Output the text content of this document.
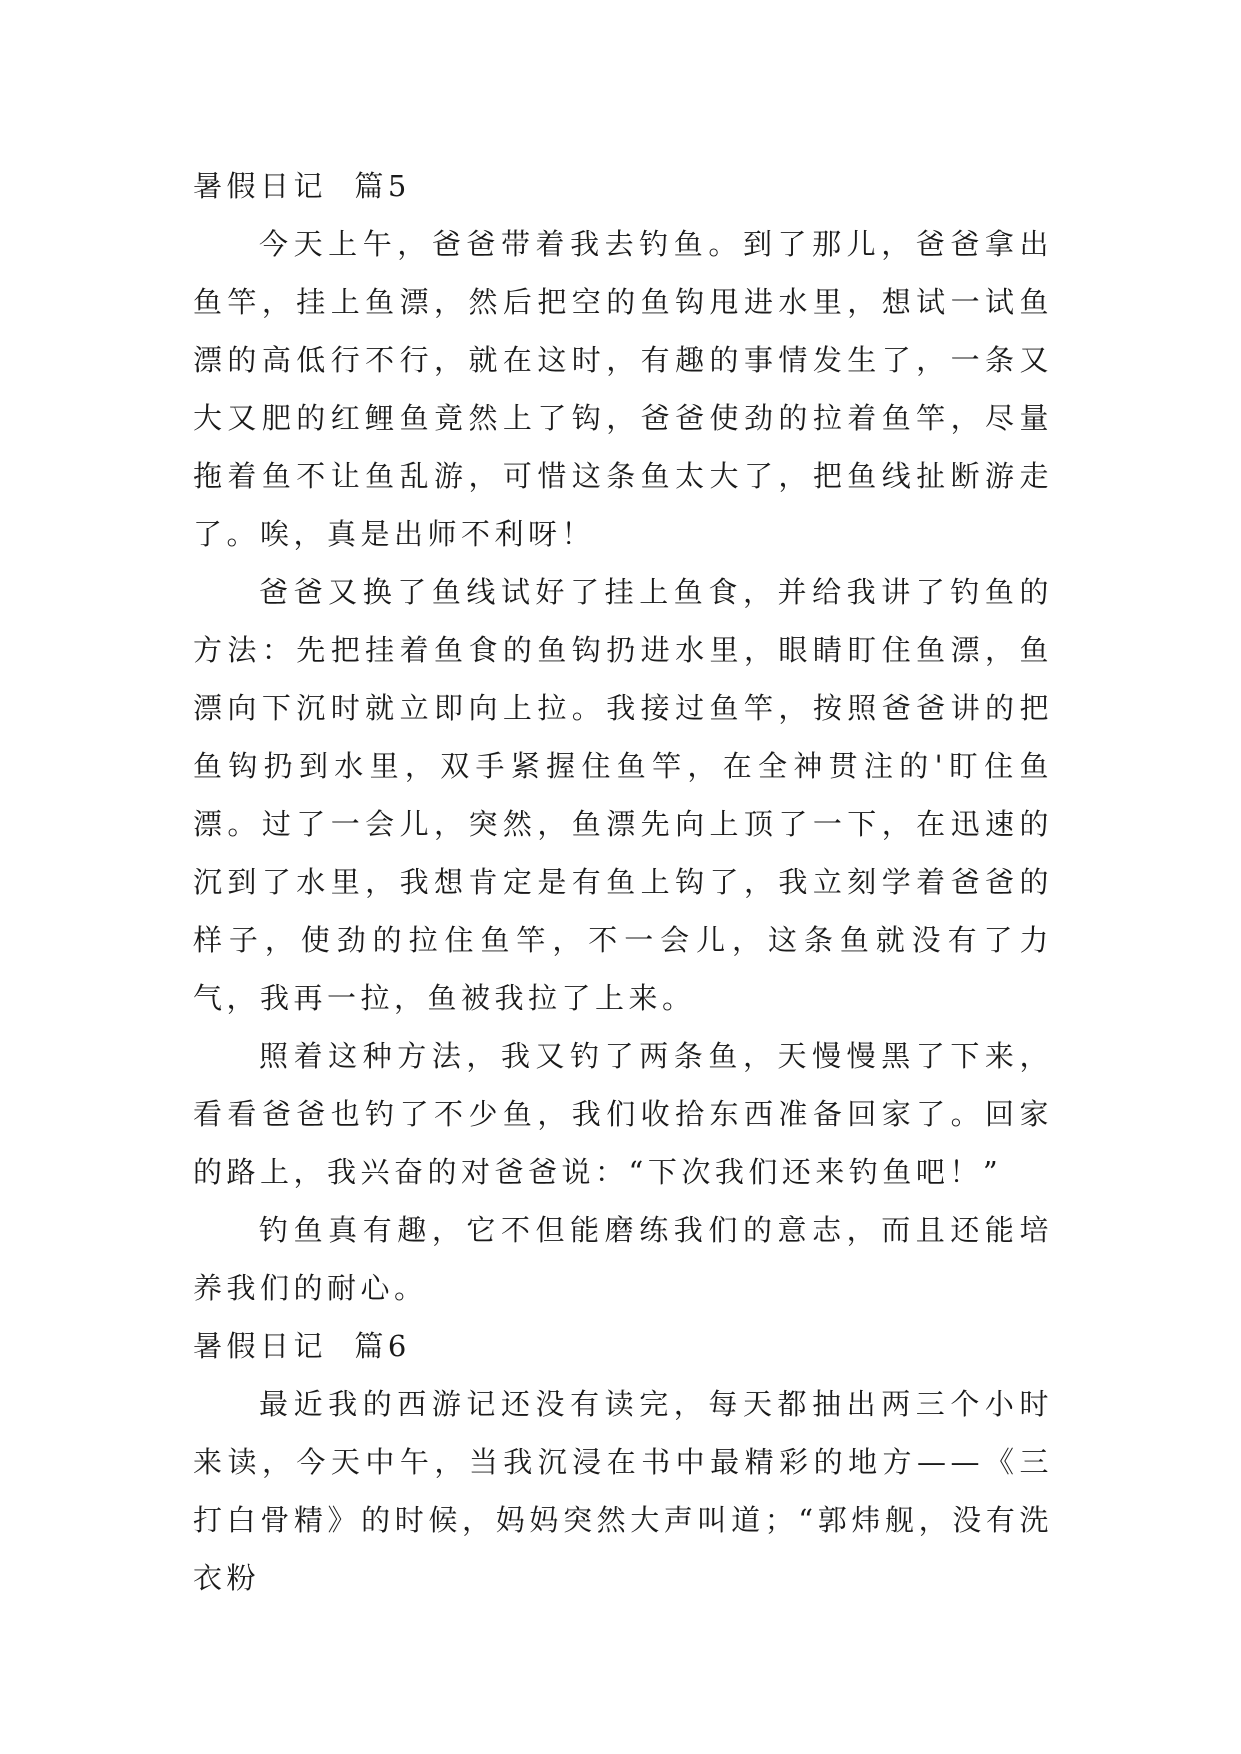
暑假日记  篇5

今天上午，爸爸带着我去钓鱼。到了那儿，爸爸拿出鱼竿，挂上鱼漂，然后把空的鱼钩甩进水里，想试一试鱼漂的高低行不行，就在这时，有趣的事情发生了，一条又大又肥的红鲤鱼竟然上了钩，爸爸使劲的拉着鱼竿，尽量拖着鱼不让鱼乱游，可惜这条鱼太大了，把鱼线扯断游走了。唉，真是出师不利呀！

爸爸又换了鱼线试好了挂上鱼食，并给我讲了钓鱼的方法：先把挂着鱼食的鱼钩扔进水里，眼睛盯住鱼漂，鱼漂向下沉时就立即向上拉。我接过鱼竿，按照爸爸讲的把鱼钩扔到水里，双手紧握住鱼竿，在全神贯注的'盯住鱼漂。过了一会儿，突然，鱼漂先向上顶了一下，在迅速的沉到了水里，我想肯定是有鱼上钩了，我立刻学着爸爸的样子，使劲的拉住鱼竿，不一会儿，这条鱼就没有了力气，我再一拉，鱼被我拉了上来。

照着这种方法，我又钓了两条鱼，天慢慢黑了下来，看看爸爸也钓了不少鱼，我们收拾东西准备回家了。回家的路上，我兴奋的对爸爸说：“下次我们还来钓鱼吧！”

钓鱼真有趣，它不但能磨练我们的意志，而且还能培养我们的耐心。

暑假日记  篇6

最近我的西游记还没有读完，每天都抽出两三个小时来读，今天中午，当我沉浸在书中最精彩的地方——《三打白骨精》的时候，妈妈突然大声叫道；“郭炜舰，没有洗衣粉
